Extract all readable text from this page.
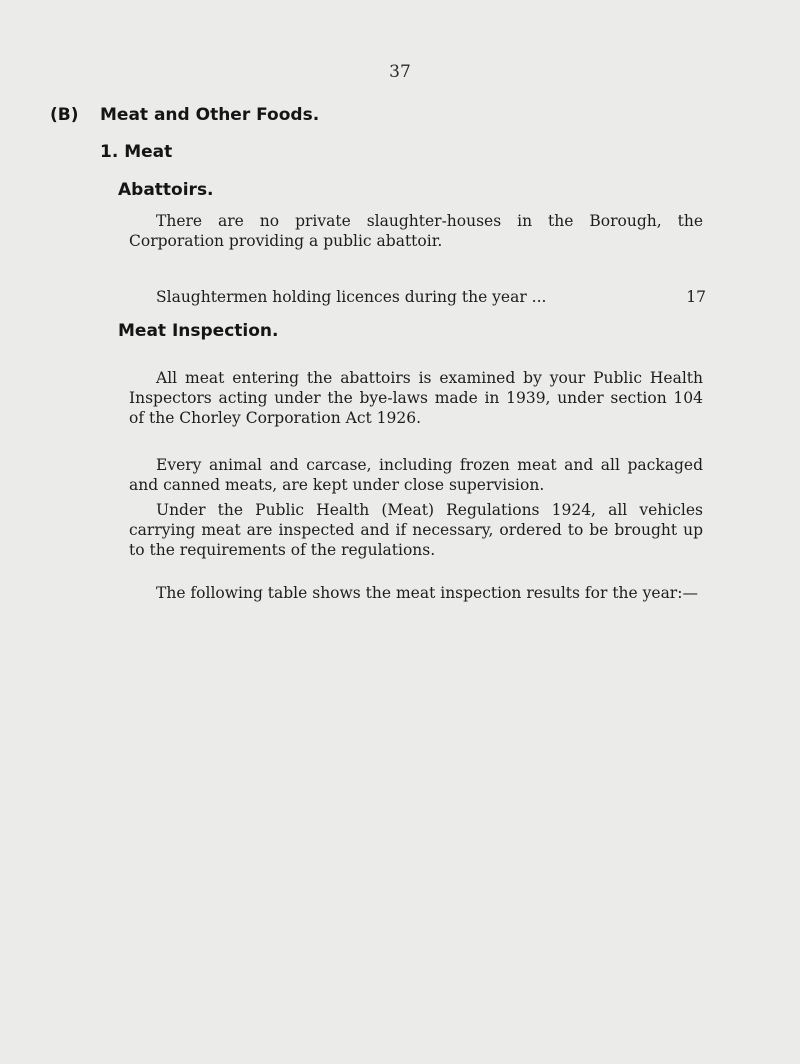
37
(B) Meat and Other Foods.
1. Meat
Abattoirs.

There are no private slaughter-houses in the Borough, the Corporation providing a public abattoir.

Slaughtermen holding licences during the year ...	17
Meat Inspection.

All meat entering the abattoirs is examined by your Public Health Inspectors acting under the bye-laws made in 1939, under section 104 of the Chorley Corporation Act 1926.

Every animal and carcase, including frozen meat and all packaged and canned meats, are kept under close supervision.

Under the Public Health (Meat) Regulations 1924, all vehicles carrying meat are inspected and if necessary, ordered to be brought up to the requirements of the regulations.

The following table shows the meat inspection results for the year:—
